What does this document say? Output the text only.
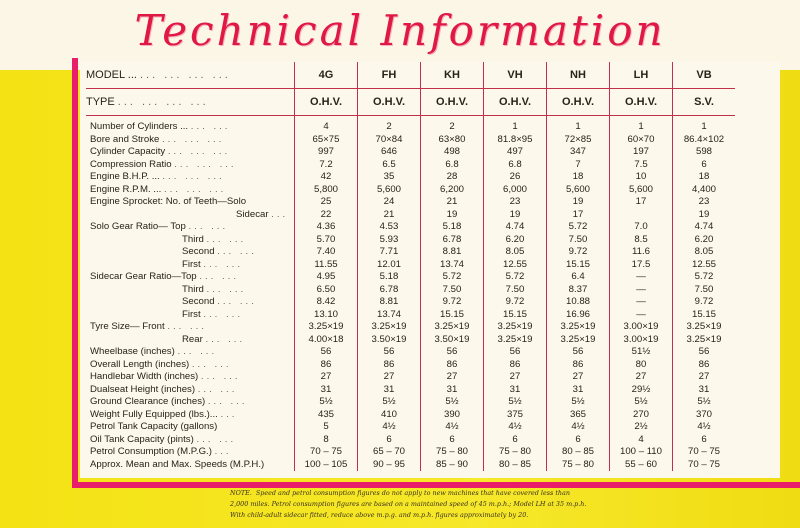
Technical Information
MODEL ... ... ... ... ...	4G	FH	KH	VH	NH	LH	VB
TYPE ... ... ... ...	O.H.V.	O.H.V.	O.H.V.	O.H.V.	O.H.V.	O.H.V.	S.V.

Number of Cylinders ... ... ...	4	2	2	1	1	1	1
Bore and Stroke ... ... ...	65×75	70×84	63×80	81.8×95	72×85	60×70	86.4×102
Cylinder Capacity ... ... ...	997	646	498	497	347	197	598
Compression Ratio ... ... ...	7.2	6.5	6.8	6.8	7	7.5	6
Engine B.H.P. ... ... ... ...	42	35	28	26	18	10	18
Engine R.P.M. ... ... ... ...	5,800	5,600	6,200	6,000	5,600	5,600	4,400
Engine Sprocket: No. of Teeth—Solo	25	24	21	23	19	17	23
Sidecar ...	22	21	19	19	17		19
Solo Gear Ratio— Top ... ...	4.36	4.53	5.18	4.74	5.72	7.0	4.74
Third ... ...	5.70	5.93	6.78	6.20	7.50	8.5	6.20
Second ... ...	7.40	7.71	8.81	8.05	9.72	11.6	8.05
First ... ...	11.55	12.01	13.74	12.55	15.15	17.5	12.55
Sidecar Gear Ratio—Top ... ...	4.95	5.18	5.72	5.72	6.4	—	5.72
Third ... ...	6.50	6.78	7.50	7.50	8.37	—	7.50
Second ... ...	8.42	8.81	9.72	9.72	10.88	—	9.72
First ... ...	13.10	13.74	15.15	15.15	16.96	—	15.15
Tyre Size— Front ... ...	3.25×19	3.25×19	3.25×19	3.25×19	3.25×19	3.00×19	3.25×19
Rear ... ...	4.00×18	3.50×19	3.50×19	3.25×19	3.25×19	3.00×19	3.25×19
Wheelbase (inches) ... ...	56	56	56	56	56	51½	56
Overall Length (inches) ... ...	86	86	86	86	86	80	86
Handlebar Width (inches) ... ...	27	27	27	27	27	27	27
Dualseat Height (inches) ... ...	31	31	31	31	31	29½	31
Ground Clearance (inches) ... ...	5½	5½	5½	5½	5½	5½	5½
Weight Fully Equipped (lbs.)... ...	435	410	390	375	365	270	370
Petrol Tank Capacity (gallons)	5	4½	4½	4½	4½	2½	4½
Oil Tank Capacity (pints) ... ...	8	6	6	6	6	4	6
Petrol Consumption (M.P.G.) ...	70 – 75	65 – 70	75 – 80	75 – 80	80 – 85	100 – 110	70 – 75
Approx. Mean and Max. Speeds (M.P.H.)	100 – 105	90 – 95	85 – 90	80 – 85	75 – 80	55 – 60	70 – 75
NOTE. Speed and petrol consumption figures do not apply to new machines that have covered less than
2,000 miles. Petrol consumption figures are based on a maintained speed of 45 m.p.h.; Model LH at 35 m.p.h.
With child-adult sidecar fitted, reduce above m.p.g. and m.p.h. figures approximately by 20.
